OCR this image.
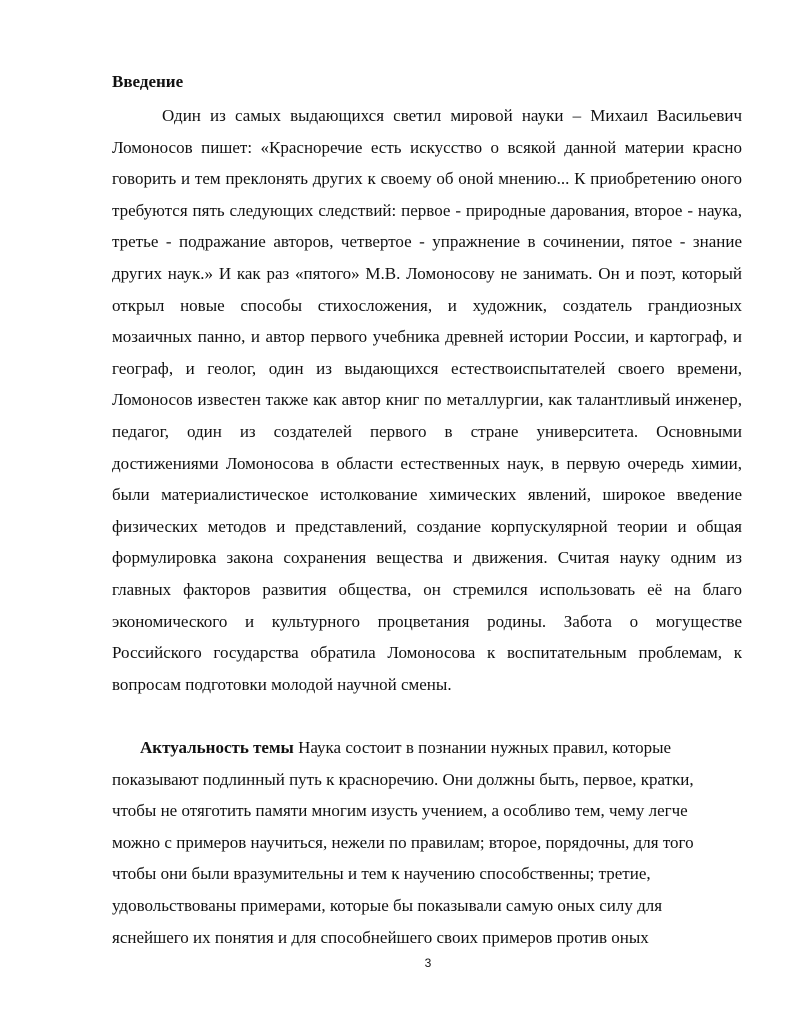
Введение

Один из самых выдающихся светил мировой науки – Михаил Васильевич Ломоносов пишет: «Красноречие есть искусство о всякой данной материи красно говорить и тем преклонять других к своему об оной мнению... К приобретению оного требуются пять следующих следствий: первое - природные дарования, второе - наука, третье - подражание авторов, четвертое - упражнение в сочинении, пятое - знание других наук.» И как раз «пятого» М.В. Ломоносову не занимать. Он и поэт, который открыл новые способы стихосложения, и художник, создатель грандиозных мозаичных панно, и автор первого учебника древней истории России, и картограф, и географ, и геолог, один из выдающихся естествоиспытателей своего времени, Ломоносов известен также как автор книг по металлургии, как талантливый инженер, педагог, один из создателей первого в стране университета. Основными достижениями Ломоносова в области естественных наук, в первую очередь химии, были материалистическое истолкование химических явлений, широкое введение физических методов и представлений, создание корпускулярной теории и общая формулировка закона сохранения вещества и движения. Считая науку одним из главных факторов развития общества, он стремился использовать её на благо экономического и культурного процветания родины. Забота о могуществе Российского государства обратила Ломоносова к воспитательным проблемам, к вопросам подготовки молодой научной смены.

Актуальность темы Наука состоит в познании нужных правил, которые
показывают подлинный путь к красноречию. Они должны быть, первое, кратки,
чтобы не отяготить памяти многим изусть учением, а особливо тем, чему легче
можно с примеров научиться, нежели по правилам; второе, порядочны, для того
чтобы они были вразумительны и тем к научению способственны; третие,
удовольствованы примерами, которые бы показывали самую оных силу для
яснейшего их понятия и для способнейшего своих примеров против оных
3
